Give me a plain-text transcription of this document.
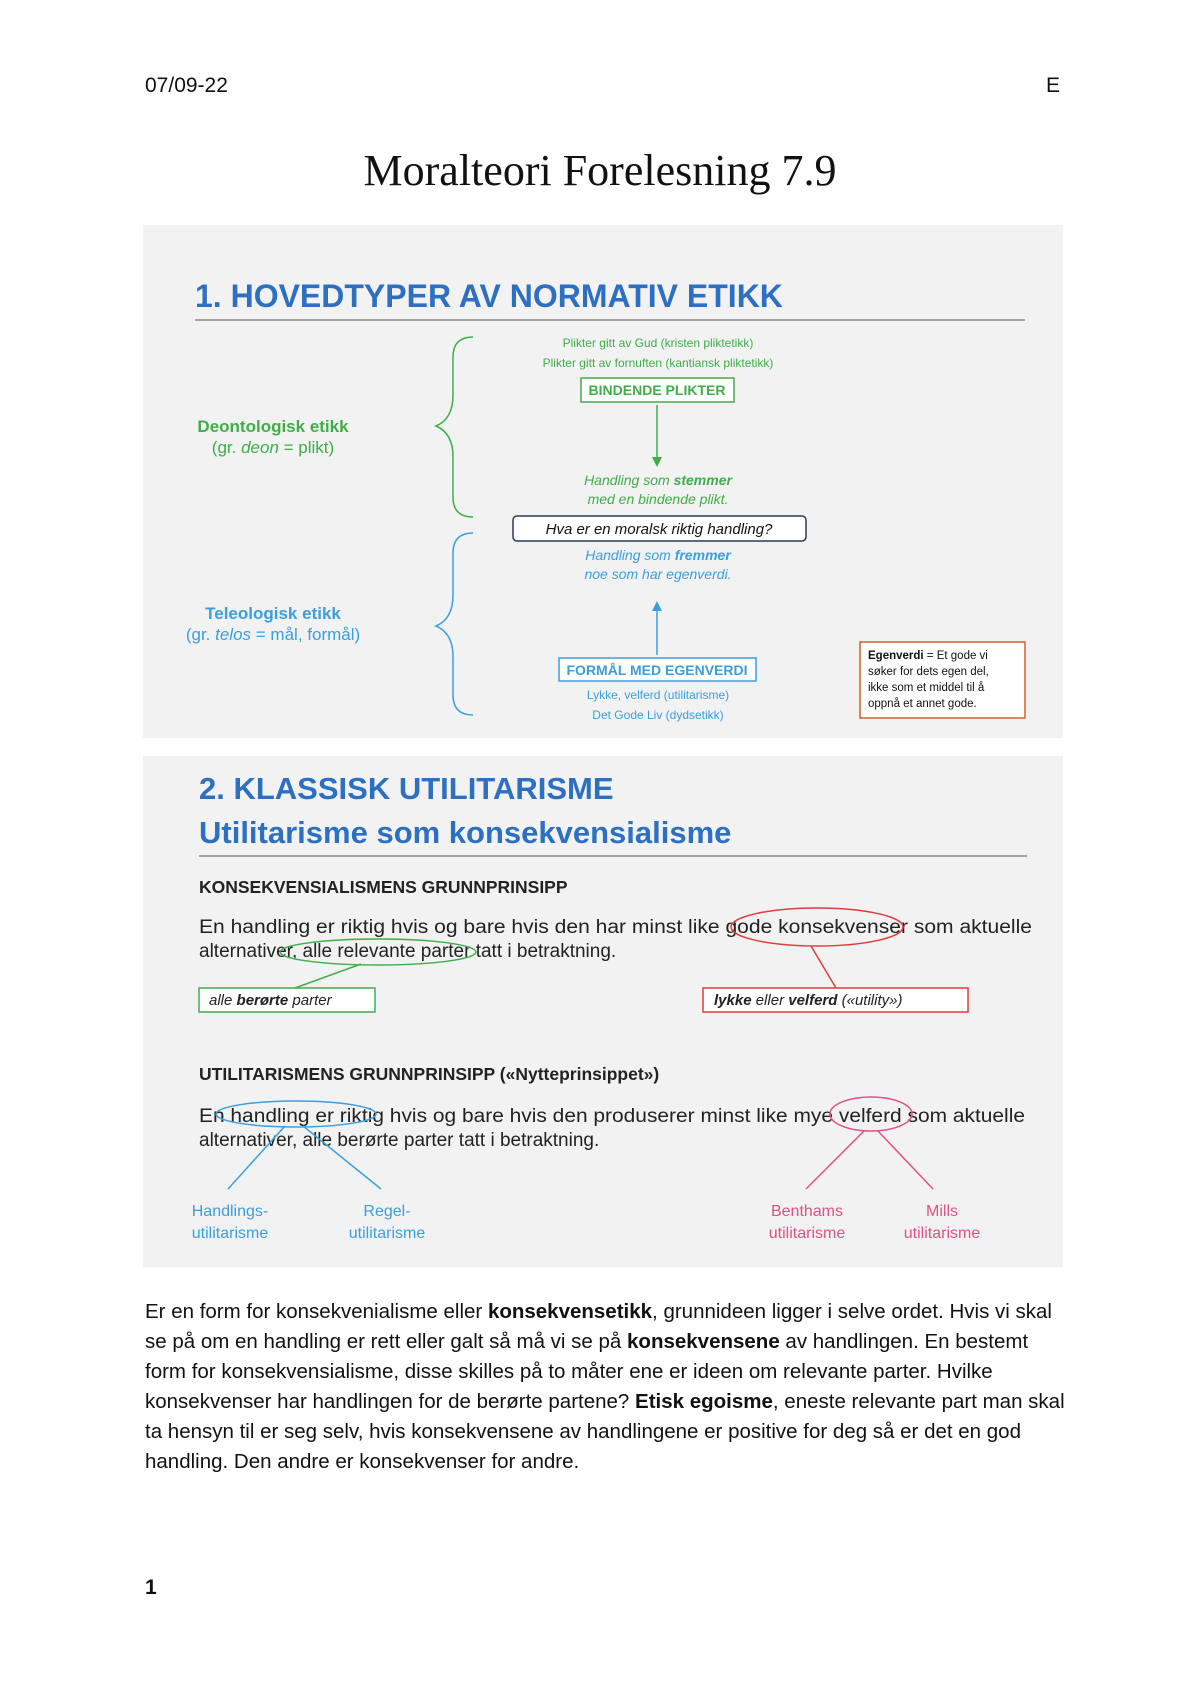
07/09-22	E
Moralteori Forelesning 7.9
1. HOVEDTYPER AV NORMATIV ETIKK
Deontologisk etikk
(gr. deon = plikt)
Teleologisk etikk
(gr. telos = mål, formål)
Plikter gitt av Gud (kristen pliktetikk)
Plikter gitt av fornuften (kantiansk pliktetikk)
BINDENDE PLIKTER
Handling som stemmer
med en bindende plikt.
Hva er en moralsk riktig handling?
Handling som fremmer
noe som har egenverdi.
FORMÅL MED EGENVERDI
Lykke, velferd (utilitarisme)
Det Gode Liv (dydsetikk)
Egenverdi = Et gode vi
søker for dets egen del,
ikke som et middel til å
oppnå et annet gode.
2. KLASSISK UTILITARISME
Utilitarisme som konsekvensialisme
KONSEKVENSIALISMENS GRUNNPRINSIPP
En handling er riktig hvis og bare hvis den har minst like gode konsekvenser som aktuelle
alternativer, alle relevante parter tatt i betraktning.
alle berørte parter	lykke eller velferd («utility»)
UTILITARISMENS GRUNNPRINSIPP («Nytteprinsippet»)
En handling er riktig hvis og bare hvis den produserer minst like mye velferd som aktuelle
alternativer, alle berørte parter tatt i betraktning.
Handlings-
utilitarisme
Regel-
utilitarisme
Benthams
utilitarisme
Mills
utilitarisme

Er en form for konsekvenialisme eller konsekvensetikk, grunnideen ligger i selve ordet. Hvis vi skal se på om en handling er rett eller galt så må vi se på konsekvensene av handlingen. En bestemt form for konsekvensialisme, disse skilles på to måter ene er ideen om relevante parter. Hvilke konsekvenser har handlingen for de berørte partene? Etisk egoisme, eneste relevante part man skal ta hensyn til er seg selv, hvis konsekvensene av handlingene er positive for deg så er det en god handling. Den andre er konsekvenser for andre.

1
